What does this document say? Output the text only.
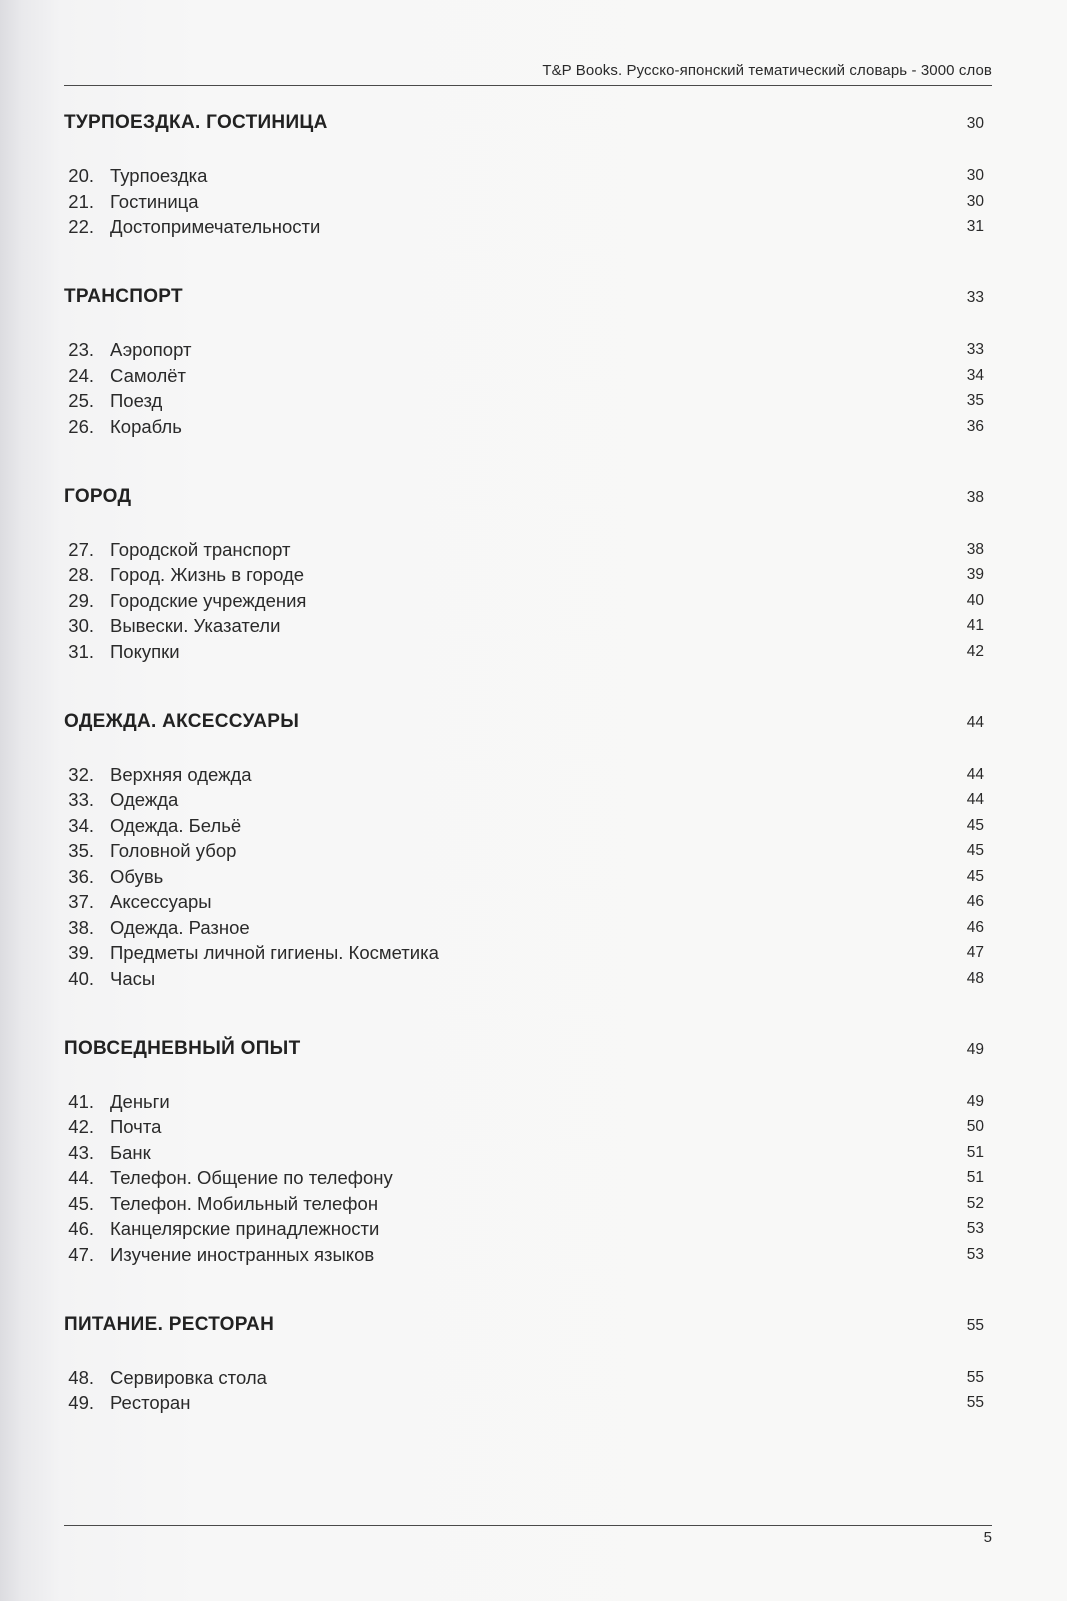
T&P Books. Русско-японский тематический словарь - 3000 слов
ТУРПОЕЗДКА. ГОСТИНИЦА	30
20. Турпоездка	30
21. Гостиница	30
22. Достопримечательности	31
ТРАНСПОРТ	33
23. Аэропорт	33
24. Самолёт	34
25. Поезд	35
26. Корабль	36
ГОРОД	38
27. Городской транспорт	38
28. Город. Жизнь в городе	39
29. Городские учреждения	40
30. Вывески. Указатели	41
31. Покупки	42
ОДЕЖДА. АКСЕССУАРЫ	44
32. Верхняя одежда	44
33. Одежда	44
34. Одежда. Бельё	45
35. Головной убор	45
36. Обувь	45
37. Аксессуары	46
38. Одежда. Разное	46
39. Предметы личной гигиены. Косметика	47
40. Часы	48
ПОВСЕДНЕВНЫЙ ОПЫТ	49
41. Деньги	49
42. Почта	50
43. Банк	51
44. Телефон. Общение по телефону	51
45. Телефон. Мобильный телефон	52
46. Канцелярские принадлежности	53
47. Изучение иностранных языков	53
ПИТАНИЕ. РЕСТОРАН	55
48. Сервировка стола	55
49. Ресторан	55
5
